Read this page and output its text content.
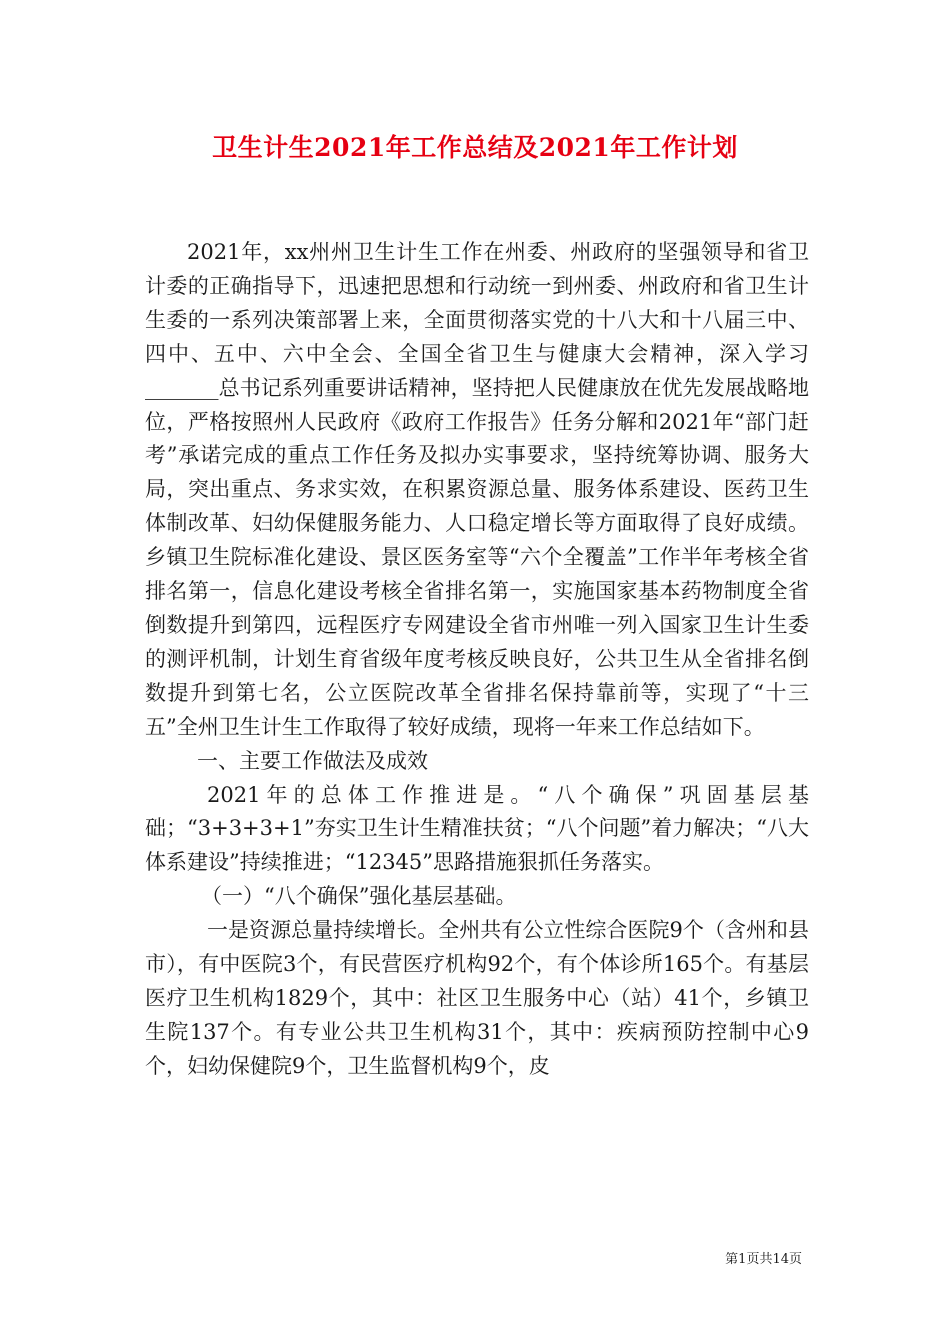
卫生计生2021年工作总结及2021年工作计划

2021年，xx州州卫生计生工作在州委、州政府的坚强领导和省卫计委的正确指导下，迅速把思想和行动统一到州委、州政府和省卫生计生委的一系列决策部署上来，全面贯彻落实党的十八大和十八届三中、四中、五中、六中全会、全国全省卫生与健康大会精神，深入学习_______总书记系列重要讲话精神，坚持把人民健康放在优先发展战略地位，严格按照州人民政府《政府工作报告》任务分解和2021年“部门赶考”承诺完成的重点工作任务及拟办实事要求，坚持统筹协调、服务大局，突出重点、务求实效，在积累资源总量、服务体系建设、医药卫生体制改革、妇幼保健服务能力、人口稳定增长等方面取得了良好成绩。乡镇卫生院标准化建设、景区医务室等“六个全覆盖”工作半年考核全省排名第一，信息化建设考核全省排名第一，实施国家基本药物制度全省倒数提升到第四，远程医疗专网建设全省市州唯一列入国家卫生计生委的测评机制，计划生育省级年度考核反映良好，公共卫生从全省排名倒数提升到第七名，公立医院改革全省排名保持靠前等，实现了“十三五”全州卫生计生工作取得了较好成绩，现将一年来工作总结如下。

一、主要工作做法及成效

2021年的总体工作推进是。“八个确保”巩固基层基础；“3+3+3+1”夯实卫生计生精准扶贫；“八个问题”着力解决；“八大体系建设”持续推进；“12345”思路措施狠抓任务落实。

（一）“八个确保”强化基层基础。

一是资源总量持续增长。全州共有公立性综合医院9个（含州和县市），有中医院3个，有民营医疗机构92个，有个体诊所165个。有基层医疗卫生机构1829个，其中：社区卫生服务中心（站）41个，乡镇卫生院137个。有专业公共卫生机构31个，其中：疾病预防控制中心9个，妇幼保健院9个，卫生监督机构9个，皮

第1页共14页
